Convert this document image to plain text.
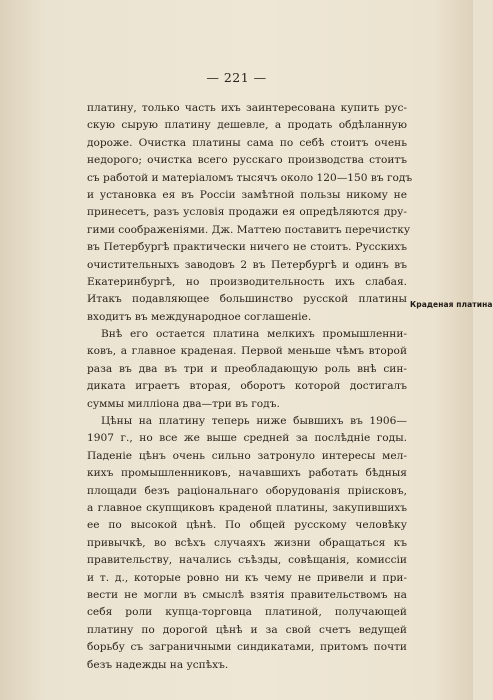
— 221 —
платину, только часть ихъ заинтересована купить рус-
скую сырую платину дешевле, а продать обдѣланную
дороже. Очистка платины сама по себѣ стоитъ очень
недорого; очистка всего русскаго производства стоитъ
съ работой и матеріаломъ тысячъ около 120—150 въ годъ
и установка ея въ Россіи замѣтной пользы никому не
принесетъ, разъ условія продажи ея опредѣляются дру-
гими соображеніями. Дж. Маттею поставитъ перечистку
въ Петербургѣ практически ничего не стоитъ. Русскихъ
очистительныхъ заводовъ 2 въ Петербургѣ и одинъ въ
Екатеринбургѣ, но производительность ихъ слабая.
Итакъ подавляющее большинство русской платины
входитъ въ международное соглашеніе.
Внѣ его остается платина мелкихъ промышленни-
ковъ, а главное краденая. Первой меньше чѣмъ второй
раза въ два въ три и преобладающую роль внѣ син-
диката играетъ вторая, оборотъ которой достигалъ
суммы милліона два—три въ годъ.
Цѣны на платину теперь ниже бывшихъ въ 1906—
1907 г., но все же выше средней за послѣдніе годы.
Паденіе цѣнъ очень сильно затронуло интересы мел-
кихъ промышленниковъ, начавшихъ работать бѣдныя
площади безъ раціональнаго оборудованія пріисковъ,
а главное скупщиковъ краденой платины, закупившихъ
ее по высокой цѣнѣ. По общей русскому человѣку
привычкѣ, во всѣхъ случаяхъ жизни обращаться къ
правительству, начались съѣзды, совѣщанія, комиссіи
и т. д., которые ровно ни къ чему не привели и при-
вести не могли въ смыслѣ взятія правительствомъ на
себя роли купца-торговца платиной, получающей
платину по дорогой цѣнѣ и за свой счетъ ведущей
борьбу съ заграничными синдикатами, притомъ почти
безъ надежды на успѣхъ.
Краденая платина
